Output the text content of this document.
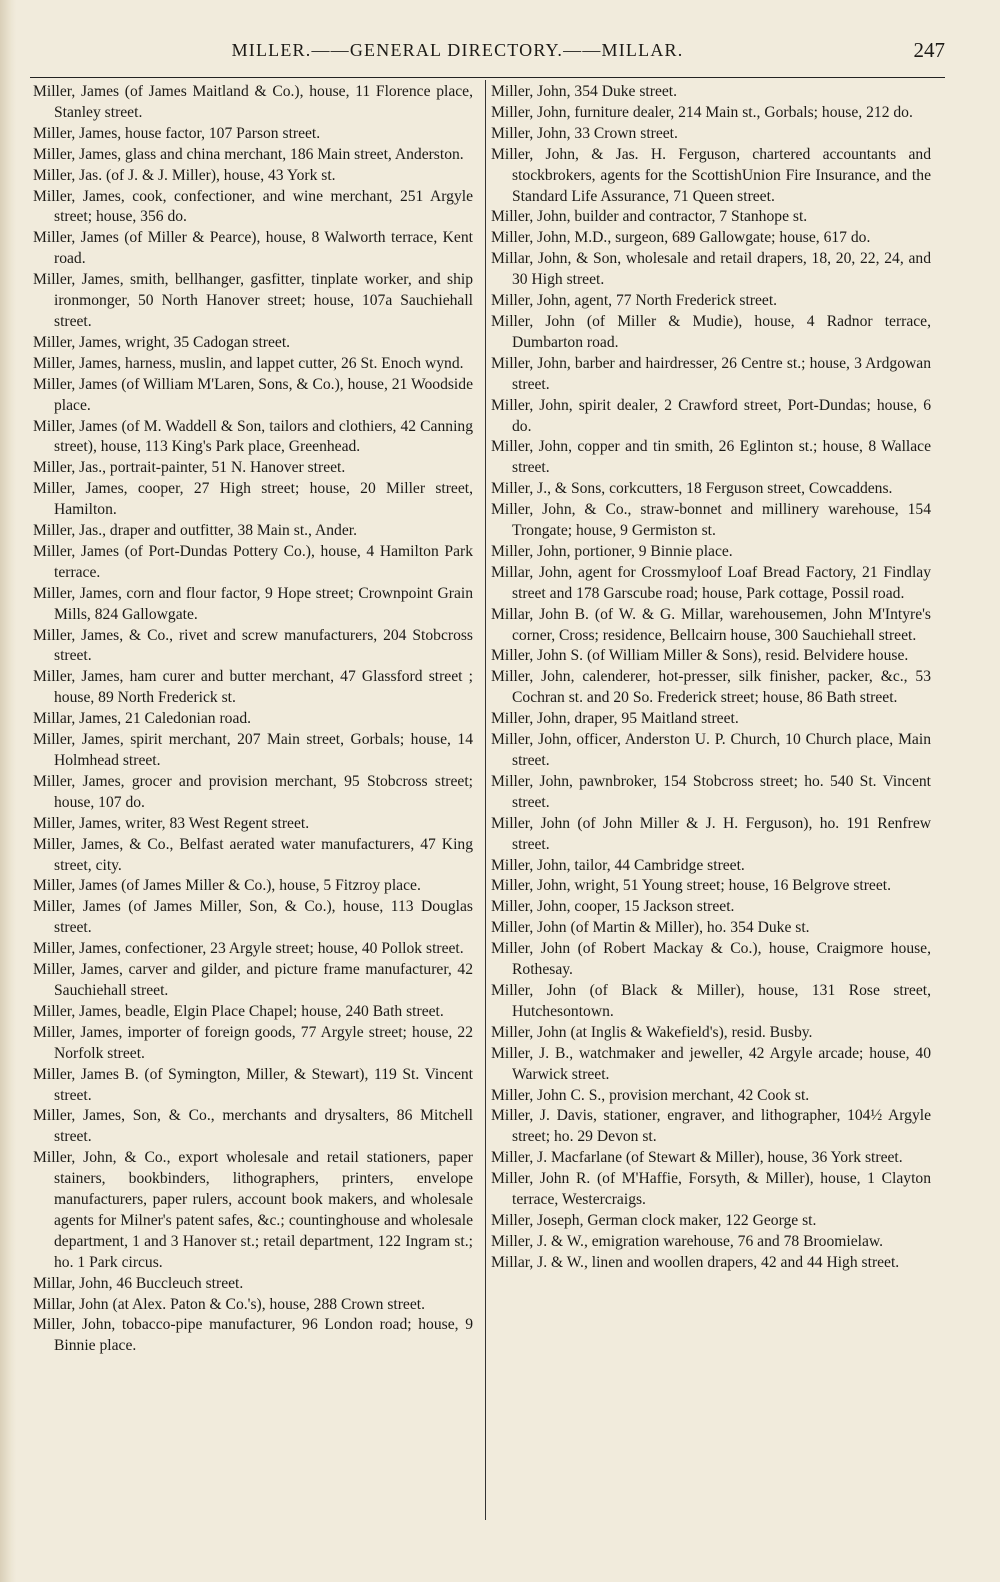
MILLER.——GENERAL DIRECTORY.——MILLAR.	247

Miller, James (of James Maitland & Co.), house, 11 Florence place, Stanley street.

Miller, James, house factor, 107 Parson street.

Miller, James, glass and china merchant, 186 Main street, Anderston.

Miller, Jas. (of J. & J. Miller), house, 43 York st.

Miller, James, cook, confectioner, and wine merchant, 251 Argyle street; house, 356 do.

Miller, James (of Miller & Pearce), house, 8 Walworth terrace, Kent road.

Miller, James, smith, bellhanger, gasfitter, tinplate worker, and ship ironmonger, 50 North Hanover street; house, 107a Sauchiehall street.

Miller, James, wright, 35 Cadogan street.

Miller, James, harness, muslin, and lappet cutter, 26 St. Enoch wynd.

Miller, James (of William M'Laren, Sons, & Co.), house, 21 Woodside place.

Miller, James (of M. Waddell & Son, tailors and clothiers, 42 Canning street), house, 113 King's Park place, Greenhead.

Miller, Jas., portrait-painter, 51 N. Hanover street.

Miller, James, cooper, 27 High street; house, 20 Miller street, Hamilton.

Miller, Jas., draper and outfitter, 38 Main st., Ander.

Miller, James (of Port-Dundas Pottery Co.), house, 4 Hamilton Park terrace.

Miller, James, corn and flour factor, 9 Hope street; Crownpoint Grain Mills, 824 Gallowgate.

Miller, James, & Co., rivet and screw manufacturers, 204 Stobcross street.

Miller, James, ham curer and butter merchant, 47 Glassford street ; house, 89 North Frederick st.

Millar, James, 21 Caledonian road.

Miller, James, spirit merchant, 207 Main street, Gorbals; house, 14 Holmhead street.

Miller, James, grocer and provision merchant, 95 Stobcross street; house, 107 do.

Miller, James, writer, 83 West Regent street.

Miller, James, & Co., Belfast aerated water manufacturers, 47 King street, city.

Miller, James (of James Miller & Co.), house, 5 Fitzroy place.

Miller, James (of James Miller, Son, & Co.), house, 113 Douglas street.

Miller, James, confectioner, 23 Argyle street; house, 40 Pollok street.

Miller, James, carver and gilder, and picture frame manufacturer, 42 Sauchiehall street.

Miller, James, beadle, Elgin Place Chapel; house, 240 Bath street.

Miller, James, importer of foreign goods, 77 Argyle street; house, 22 Norfolk street.

Miller, James B. (of Symington, Miller, & Stewart), 119 St. Vincent street.

Miller, James, Son, & Co., merchants and drysalters, 86 Mitchell street.

Miller, John, & Co., export wholesale and retail stationers, paper stainers, bookbinders, lithographers, printers, envelope manufacturers, paper rulers, account book makers, and wholesale agents for Milner's patent safes, &c.; countinghouse and wholesale department, 1 and 3 Hanover st.; retail department, 122 Ingram st.; ho. 1 Park circus.

Millar, John, 46 Buccleuch street.

Millar, John (at Alex. Paton & Co.'s), house, 288 Crown street.

Miller, John, tobacco-pipe manufacturer, 96 London road; house, 9 Binnie place.

Miller, John, 354 Duke street.

Miller, John, furniture dealer, 214 Main st., Gorbals; house, 212 do.

Miller, John, 33 Crown street.

Miller, John, & Jas. H. Ferguson, chartered accountants and stockbrokers, agents for the ScottishUnion Fire Insurance, and the Standard Life Assurance, 71 Queen street.

Miller, John, builder and contractor, 7 Stanhope st.

Miller, John, M.D., surgeon, 689 Gallowgate; house, 617 do.

Millar, John, & Son, wholesale and retail drapers, 18, 20, 22, 24, and 30 High street.

Miller, John, agent, 77 North Frederick street.

Miller, John (of Miller & Mudie), house, 4 Radnor terrace, Dumbarton road.

Miller, John, barber and hairdresser, 26 Centre st.; house, 3 Ardgowan street.

Miller, John, spirit dealer, 2 Crawford street, Port-Dundas; house, 6 do.

Miller, John, copper and tin smith, 26 Eglinton st.; house, 8 Wallace street.

Miller, J., & Sons, corkcutters, 18 Ferguson street, Cowcaddens.

Miller, John, & Co., straw-bonnet and millinery warehouse, 154 Trongate; house, 9 Germiston st.

Miller, John, portioner, 9 Binnie place.

Millar, John, agent for Crossmyloof Loaf Bread Factory, 21 Findlay street and 178 Garscube road; house, Park cottage, Possil road.

Millar, John B. (of W. & G. Millar, warehousemen, John M'Intyre's corner, Cross; residence, Bellcairn house, 300 Sauchiehall street.

Miller, John S. (of William Miller & Sons), resid. Belvidere house.

Miller, John, calenderer, hot-presser, silk finisher, packer, &c., 53 Cochran st. and 20 So. Frederick street; house, 86 Bath street.

Miller, John, draper, 95 Maitland street.

Miller, John, officer, Anderston U. P. Church, 10 Church place, Main street.

Miller, John, pawnbroker, 154 Stobcross street; ho. 540 St. Vincent street.

Miller, John (of John Miller & J. H. Ferguson), ho. 191 Renfrew street.

Miller, John, tailor, 44 Cambridge street.

Miller, John, wright, 51 Young street; house, 16 Belgrove street.

Miller, John, cooper, 15 Jackson street.

Miller, John (of Martin & Miller), ho. 354 Duke st.

Miller, John (of Robert Mackay & Co.), house, Craigmore house, Rothesay.

Miller, John (of Black & Miller), house, 131 Rose street, Hutchesontown.

Miller, John (at Inglis & Wakefield's), resid. Busby.

Miller, J. B., watchmaker and jeweller, 42 Argyle arcade; house, 40 Warwick street.

Miller, John C. S., provision merchant, 42 Cook st.

Miller, J. Davis, stationer, engraver, and lithographer, 104½ Argyle street; ho. 29 Devon st.

Miller, J. Macfarlane (of Stewart & Miller), house, 36 York street.

Miller, John R. (of M'Haffie, Forsyth, & Miller), house, 1 Clayton terrace, Westercraigs.

Miller, Joseph, German clock maker, 122 George st.

Miller, J. & W., emigration warehouse, 76 and 78 Broomielaw.

Millar, J. & W., linen and woollen drapers, 42 and 44 High street.
